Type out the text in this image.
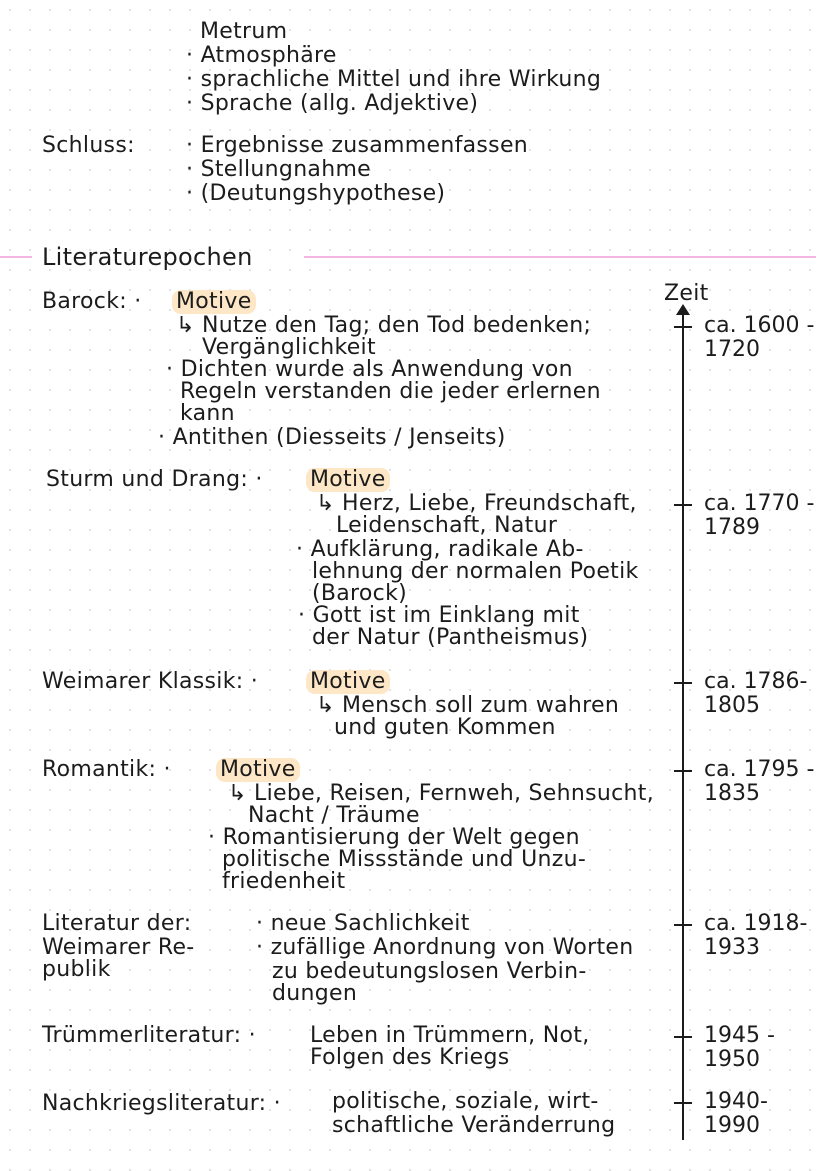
Metrum
· Atmosphäre
· sprachliche Mittel und ihre Wirkung
· Sprache (allg. Adjektive)
Schluss: · Ergebnisse zusammenfassen
· Stellungnahme
· (Deutungshypothese)
Literaturepochen
Zeit
Barock: · Motive
↳ Nutze den Tag; den Tod bedenken;
Vergänglichkeit
· Dichten wurde als Anwendung von
Regeln verstanden die jeder erlernen
kann
· Antithen (Diesseits / Jenseits)
ca. 1600 -
1720
Sturm und Drang: · Motive
↳ Herz, Liebe, Freundschaft,
Leidenschaft, Natur
· Aufklärung, radikale Ab-
lehnung der normalen Poetik
(Barock)
· Gott ist im Einklang mit
der Natur (Pantheismus)
ca. 1770 -
1789
Weimarer Klassik: · Motive
↳ Mensch soll zum wahren
und guten Kommen
ca. 1786-
1805
Romantik: · Motive
↳ Liebe, Reisen, Fernweh, Sehnsucht,
Nacht / Träume
· Romantisierung der Welt gegen
politische Missstände und Unzu-
friedenheit
ca. 1795 -
1835
Literatur der:
Weimarer Re-
publik
· neue Sachlichkeit
· zufällige Anordnung von Worten
zu bedeutungslosen Verbin-
dungen
ca. 1918-
1933
Trümmerliteratur: · Leben in Trümmern, Not,
Folgen des Kriegs
1945 -
1950
Nachkriegsliteratur: · politische, soziale, wirt-
schaftliche Veränderrung
1940-
1990
